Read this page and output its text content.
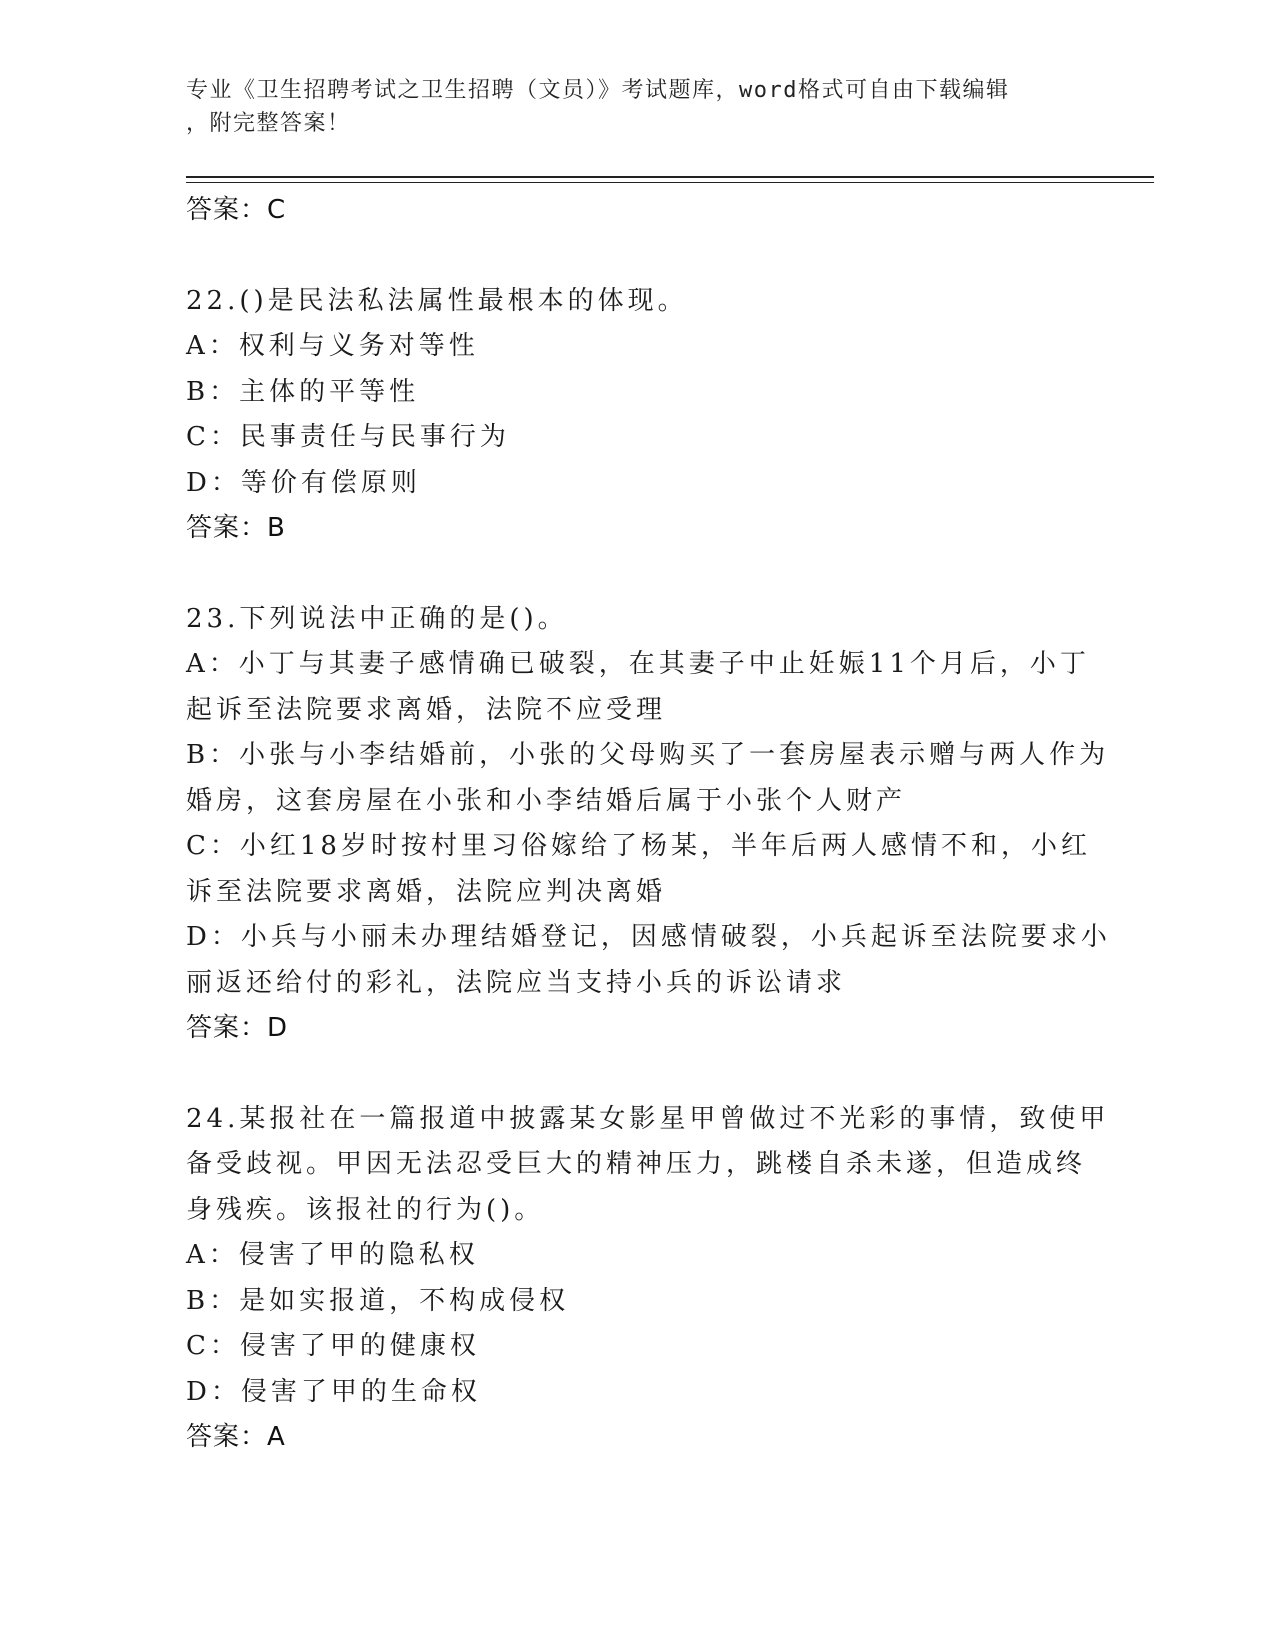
专业《卫生招聘考试之卫生招聘（文员）》考试题库，word格式可自由下载编辑
，附完整答案！

答案：C

22.()是民法私法属性最根本的体现。

A：权利与义务对等性

B：主体的平等性

C：民事责任与民事行为

D：等价有偿原则

答案：B

23.下列说法中正确的是()。

A：小丁与其妻子感情确已破裂，在其妻子中止妊娠11个月后，小丁

起诉至法院要求离婚，法院不应受理

B：小张与小李结婚前，小张的父母购买了一套房屋表示赠与两人作为

婚房，这套房屋在小张和小李结婚后属于小张个人财产

C：小红18岁时按村里习俗嫁给了杨某，半年后两人感情不和，小红

诉至法院要求离婚，法院应判决离婚

D：小兵与小丽未办理结婚登记，因感情破裂，小兵起诉至法院要求小

丽返还给付的彩礼，法院应当支持小兵的诉讼请求

答案：D

24.某报社在一篇报道中披露某女影星甲曾做过不光彩的事情，致使甲

备受歧视。甲因无法忍受巨大的精神压力，跳楼自杀未遂，但造成终

身残疾。该报社的行为()。

A：侵害了甲的隐私权

B：是如实报道，不构成侵权

C：侵害了甲的健康权

D：侵害了甲的生命权

答案：A
